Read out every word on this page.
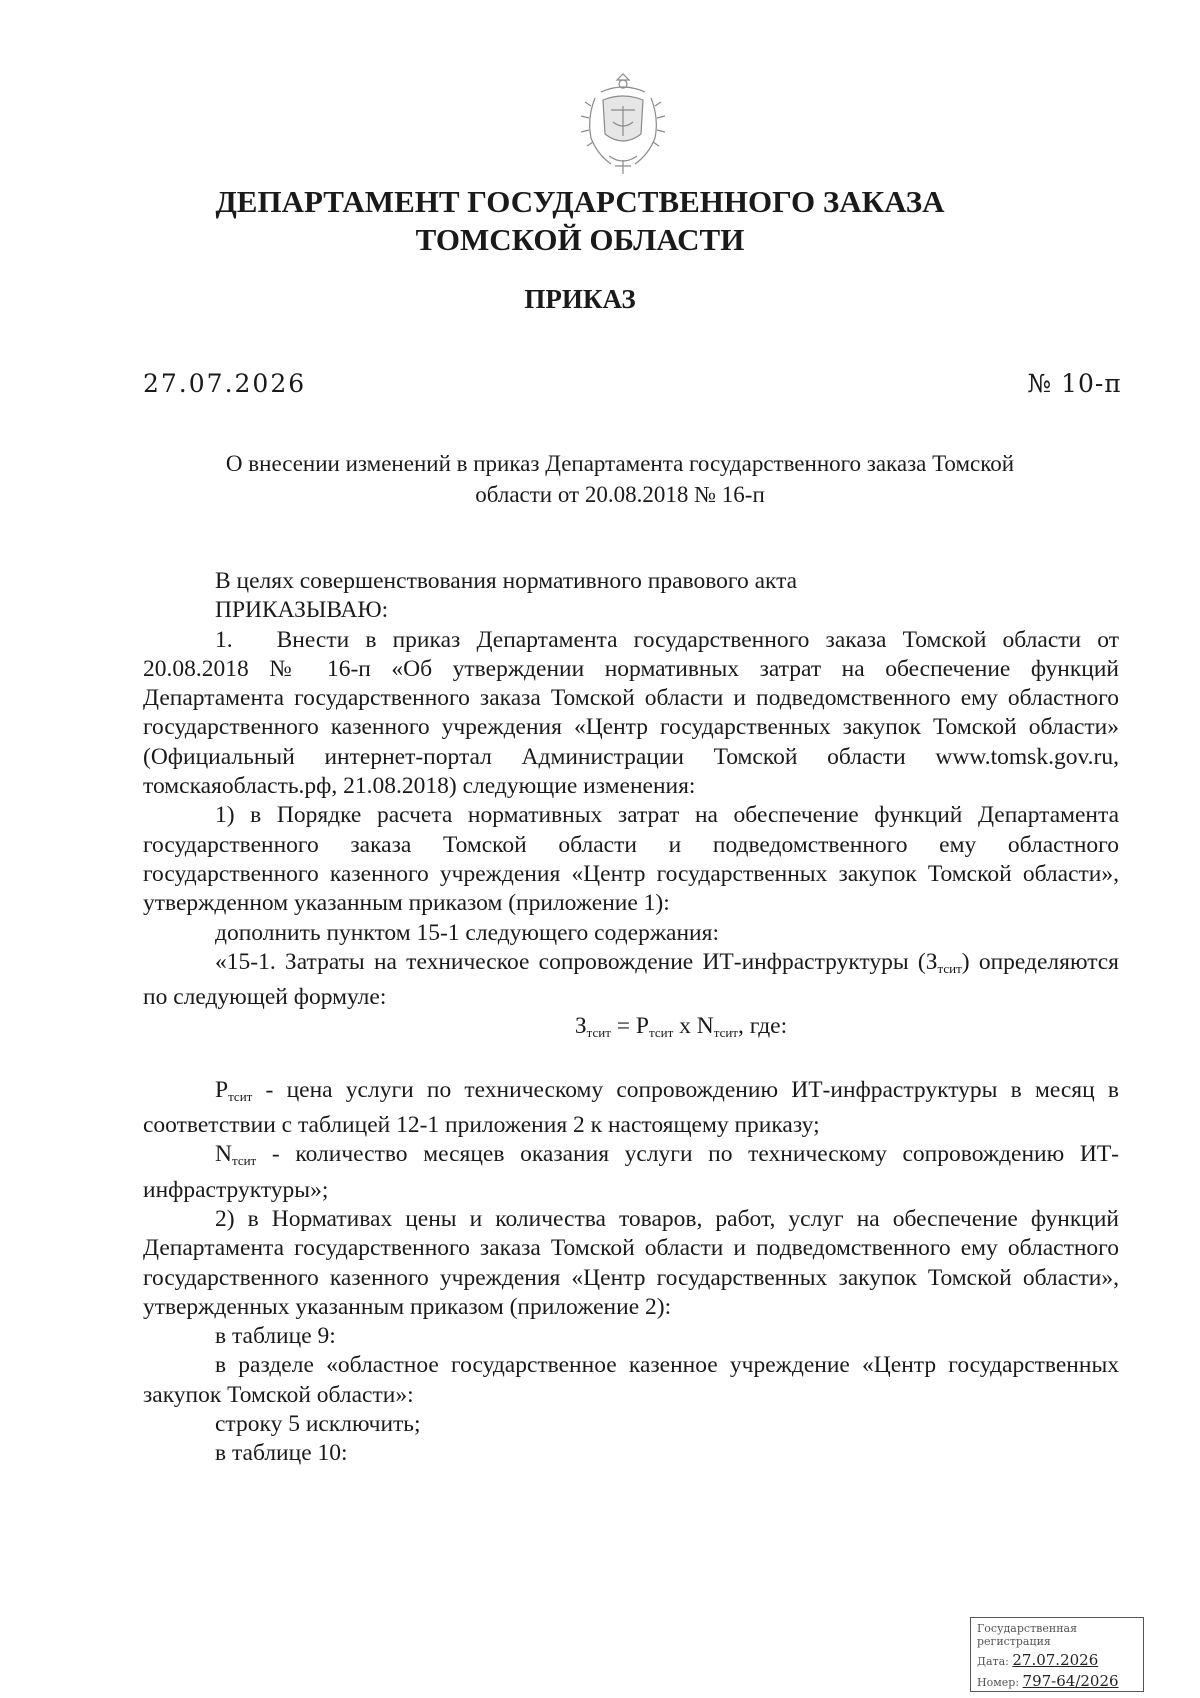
ДЕПАРТАМЕНТ ГОСУДАРСТВЕННОГО ЗАКАЗА
ТОМСКОЙ ОБЛАСТИ
ПРИКАЗ
27.07.2026	№ 10-п
О внесении изменений в приказ Департамента государственного заказа Томской
области от 20.08.2018 № 16-п

В целях совершенствования нормативного правового акта

ПРИКАЗЫВАЮ:

1. Внести в приказ Департамента государственного заказа Томской области от 20.08.2018 № 16-п «Об утверждении нормативных затрат на обеспечение функций Департамента государственного заказа Томской области и подведомственного ему областного государственного казенного учреждения «Центр государственных закупок Томской области» (Официальный интернет-портал Администрации Томской области www.tomsk.gov.ru, томскаяобласть.рф, 21.08.2018) следующие изменения:

1) в Порядке расчета нормативных затрат на обеспечение функций Департамента государственного заказа Томской области и подведомственного ему областного государственного казенного учреждения «Центр государственных закупок Томской области», утвержденном указанным приказом (приложение 1):

дополнить пунктом 15-1 следующего содержания:

«15-1. Затраты на техническое сопровождение ИТ-инфраструктуры $(З_{тсит})$ определяются по следующей формуле:

$З_{тсит} = Р_{тсит}$ x $N_{тсит}$, где:

$Р_{тсит}$ - цена услуги по техническому сопровождению ИТ-инфраструктуры в месяц в соответствии с таблицей 12-1 приложения 2 к настоящему приказу;

$N_{тсит}$ - количество месяцев оказания услуги по техническому сопровождению ИТ-инфраструктуры»;

2) в Нормативах цены и количества товаров, работ, услуг на обеспечение функций Департамента государственного заказа Томской области и подведомственного ему областного государственного казенного учреждения «Центр государственных закупок Томской области», утвержденных указанным приказом (приложение 2):

в таблице 9:

в разделе «областное государственное казенное учреждение «Центр государственных закупок Томской области»:

строку 5 исключить;

в таблице 10:

Государственная регистрация
Дата: 27.07.2026
Номер: 797-64/2026
